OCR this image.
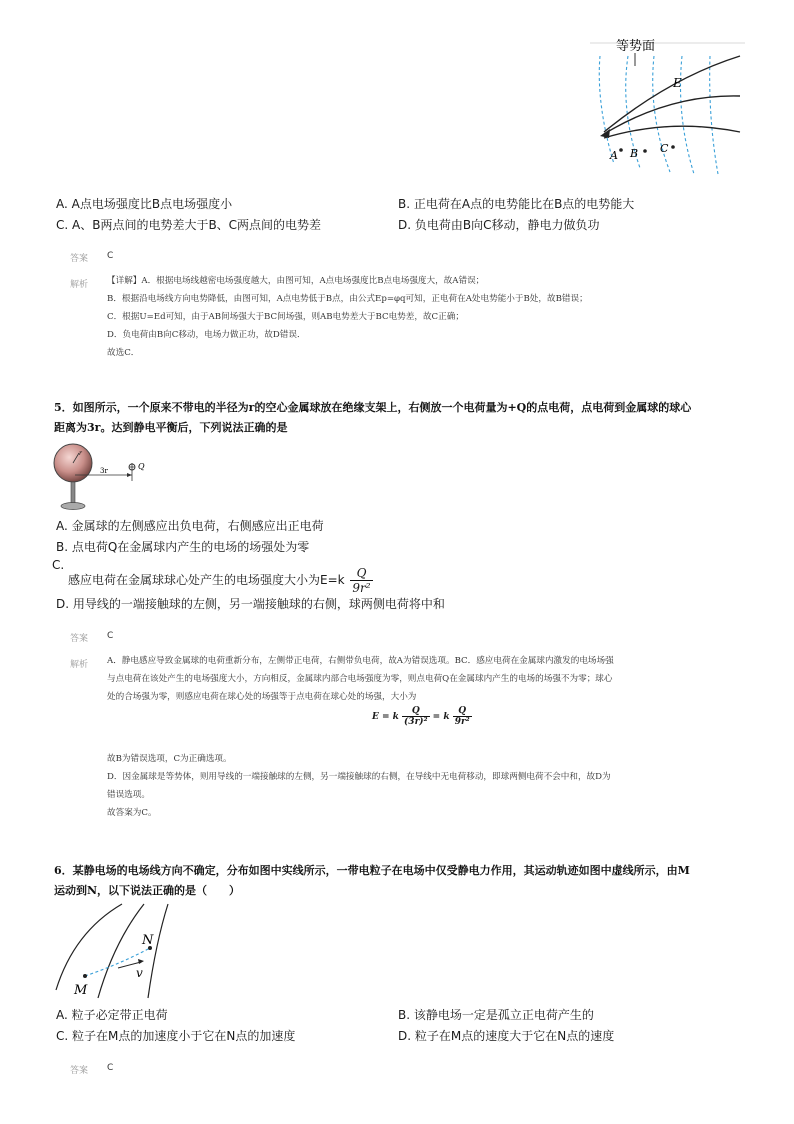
等势面
E
A B C
A. A点电场强度比B点电场强度小	B. 正电荷在A点的电势能比在B点的电势能大
C. A、B两点间的电势差大于B、C两点间的电势差	D. 负电荷由B向C移动，静电力做负功
答案 C
解析 【详解】A．根据电场线越密电场强度越大，由图可知，A点电场强度比B点电场强度大，故A错误；
B．根据沿电场线方向电势降低，由图可知，A点电势低于B点，由公式Ep=φq可知，正电荷在A处电势能小于B处，故B错误；
C．根据U=Ed可知，由于AB间场强大于BC间场强，则AB电势差大于BC电势差，故C正确；
D．负电荷由B向C移动，电场力做正功，故D错误．
故选C．
5．如图所示，一个原来不带电的半径为r的空心金属球放在绝缘支架上，右侧放一个电荷量为+Q的点电荷，点电荷到金属球的球心
距离为3r。达到静电平衡后，下列说法正确的是
r
3r	Q
A. 金属球的左侧感应出负电荷，右侧感应出正电荷
B. 点电荷Q在金属球内产生的电场的场强处为零
C.
感应电荷在金属球球心处产生的电场强度大小为$E=k \frac{Q}{\text{9r²}}$
D. 用导线的一端接触球的左侧，另一端接触球的右侧，球两侧电荷将中和
答案 C
解析 A．静电感应导致金属球的电荷重新分布，左侧带正电荷，右侧带负电荷，故A为错误选项。BC．感应电荷在金属球内激发的电场场强
与点电荷在该处产生的电场强度大小，方向相反，金属球内部合电场强度为零，则点电荷Q在金属球内产生的电场的场强不为零；球心
处的合场强为零，则感应电荷在球心处的场强等于点电荷在球心处的场强，大小为
E = k $\frac{Q}{\text{(3r)²}} = k \frac{Q}{\text{9r²}}$
故B为错误选项，C为正确选项。
D．因金属球是等势体，则用导线的一端接触球的左侧，另一端接触球的右侧，在导线中无电荷移动，即球两侧电荷不会中和，故D为
错误选项。
故答案为C。
6．某静电场的电场线方向不确定，分布如图中实线所示，一带电粒子在电场中仅受静电力作用，其运动轨迹如图中虚线所示，由M
运动到N，以下说法正确的是（　　）
M
N
v
A. 粒子必定带正电荷	B. 该静电场一定是孤立正电荷产生的
C. 粒子在M点的加速度小于它在N点的加速度	D. 粒子在M点的速度大于它在N点的速度
答案 C
